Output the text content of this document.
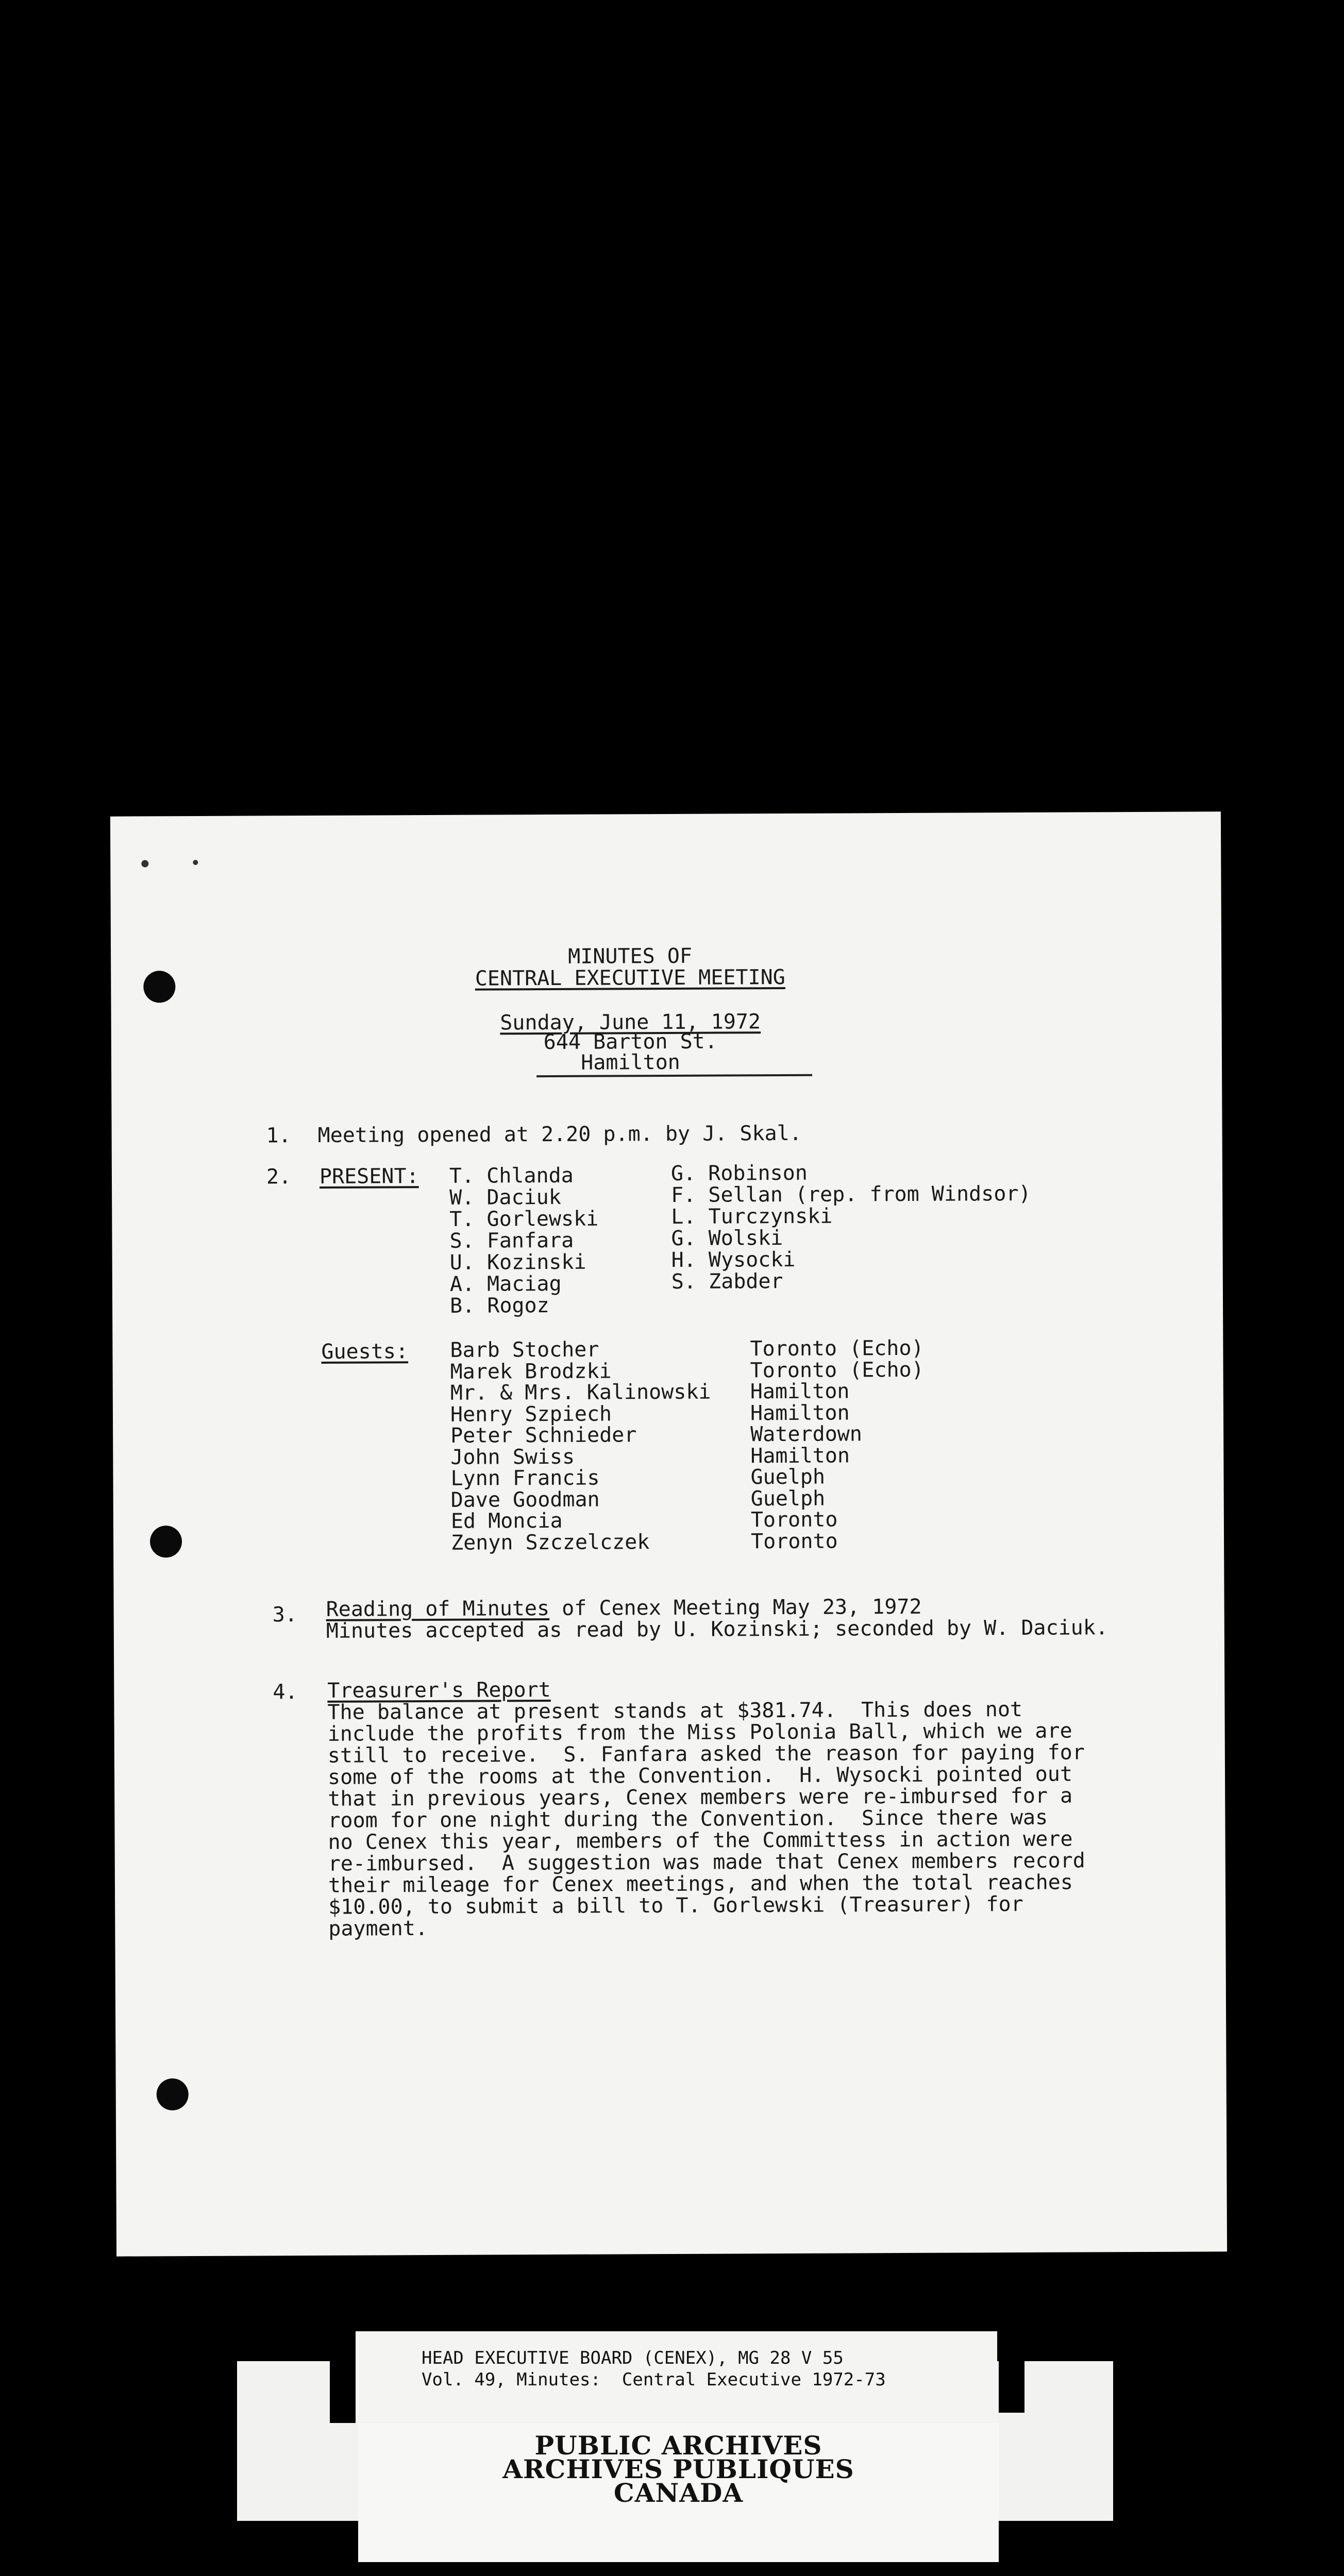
MINUTES OF
CENTRAL EXECUTIVE MEETING
Sunday, June 11, 1972
644 Barton St.
Hamilton
1. Meeting opened at 2.20 p.m. by J. Skal.
2. PRESENT: T. Chlanda
W. Daciuk
T. Gorlewski
S. Fanfara
U. Kozinski
A. Maciag
B. Rogoz
G. Robinson
F. Sellan (rep. from Windsor)
L. Turczynski
G. Wolski
H. Wysocki
S. Zabder
Guests: Barb Stocher	Toronto (Echo)
Marek Brodzki	Toronto (Echo)
Mr. & Mrs. Kalinowski Hamilton
Henry Szpiech	Hamilton
Peter Schnieder	Waterdown
John Swiss	Hamilton
Lynn Francis	Guelph
Dave Goodman	Guelph
Ed Moncia	Toronto
Zenyn Szczelczek	Toronto
3. Reading of Minutes of Cenex Meeting May 23, 1972
Minutes accepted as read by U. Kozinski; seconded by W. Daciuk.
4. Treasurer's Report
The balance at present stands at $381.74.  This does not
include the profits from the Miss Polonia Ball, which we are
still to receive.  S. Fanfara asked the reason for paying for
some of the rooms at the Convention.  H. Wysocki pointed out
that in previous years, Cenex members were re-imbursed for a
room for one night during the Convention.  Since there was
no Cenex this year, members of the Committess in action were
re-imbursed.  A suggestion was made that Cenex members record
their mileage for Cenex meetings, and when the total reaches
$10.00, to submit a bill to T. Gorlewski (Treasurer) for
payment.
HEAD EXECUTIVE BOARD (CENEX), MG 28 V 55
Vol. 49, Minutes:  Central Executive 1972-73
PUBLIC ARCHIVES
ARCHIVES PUBLIQUES
CANADA
